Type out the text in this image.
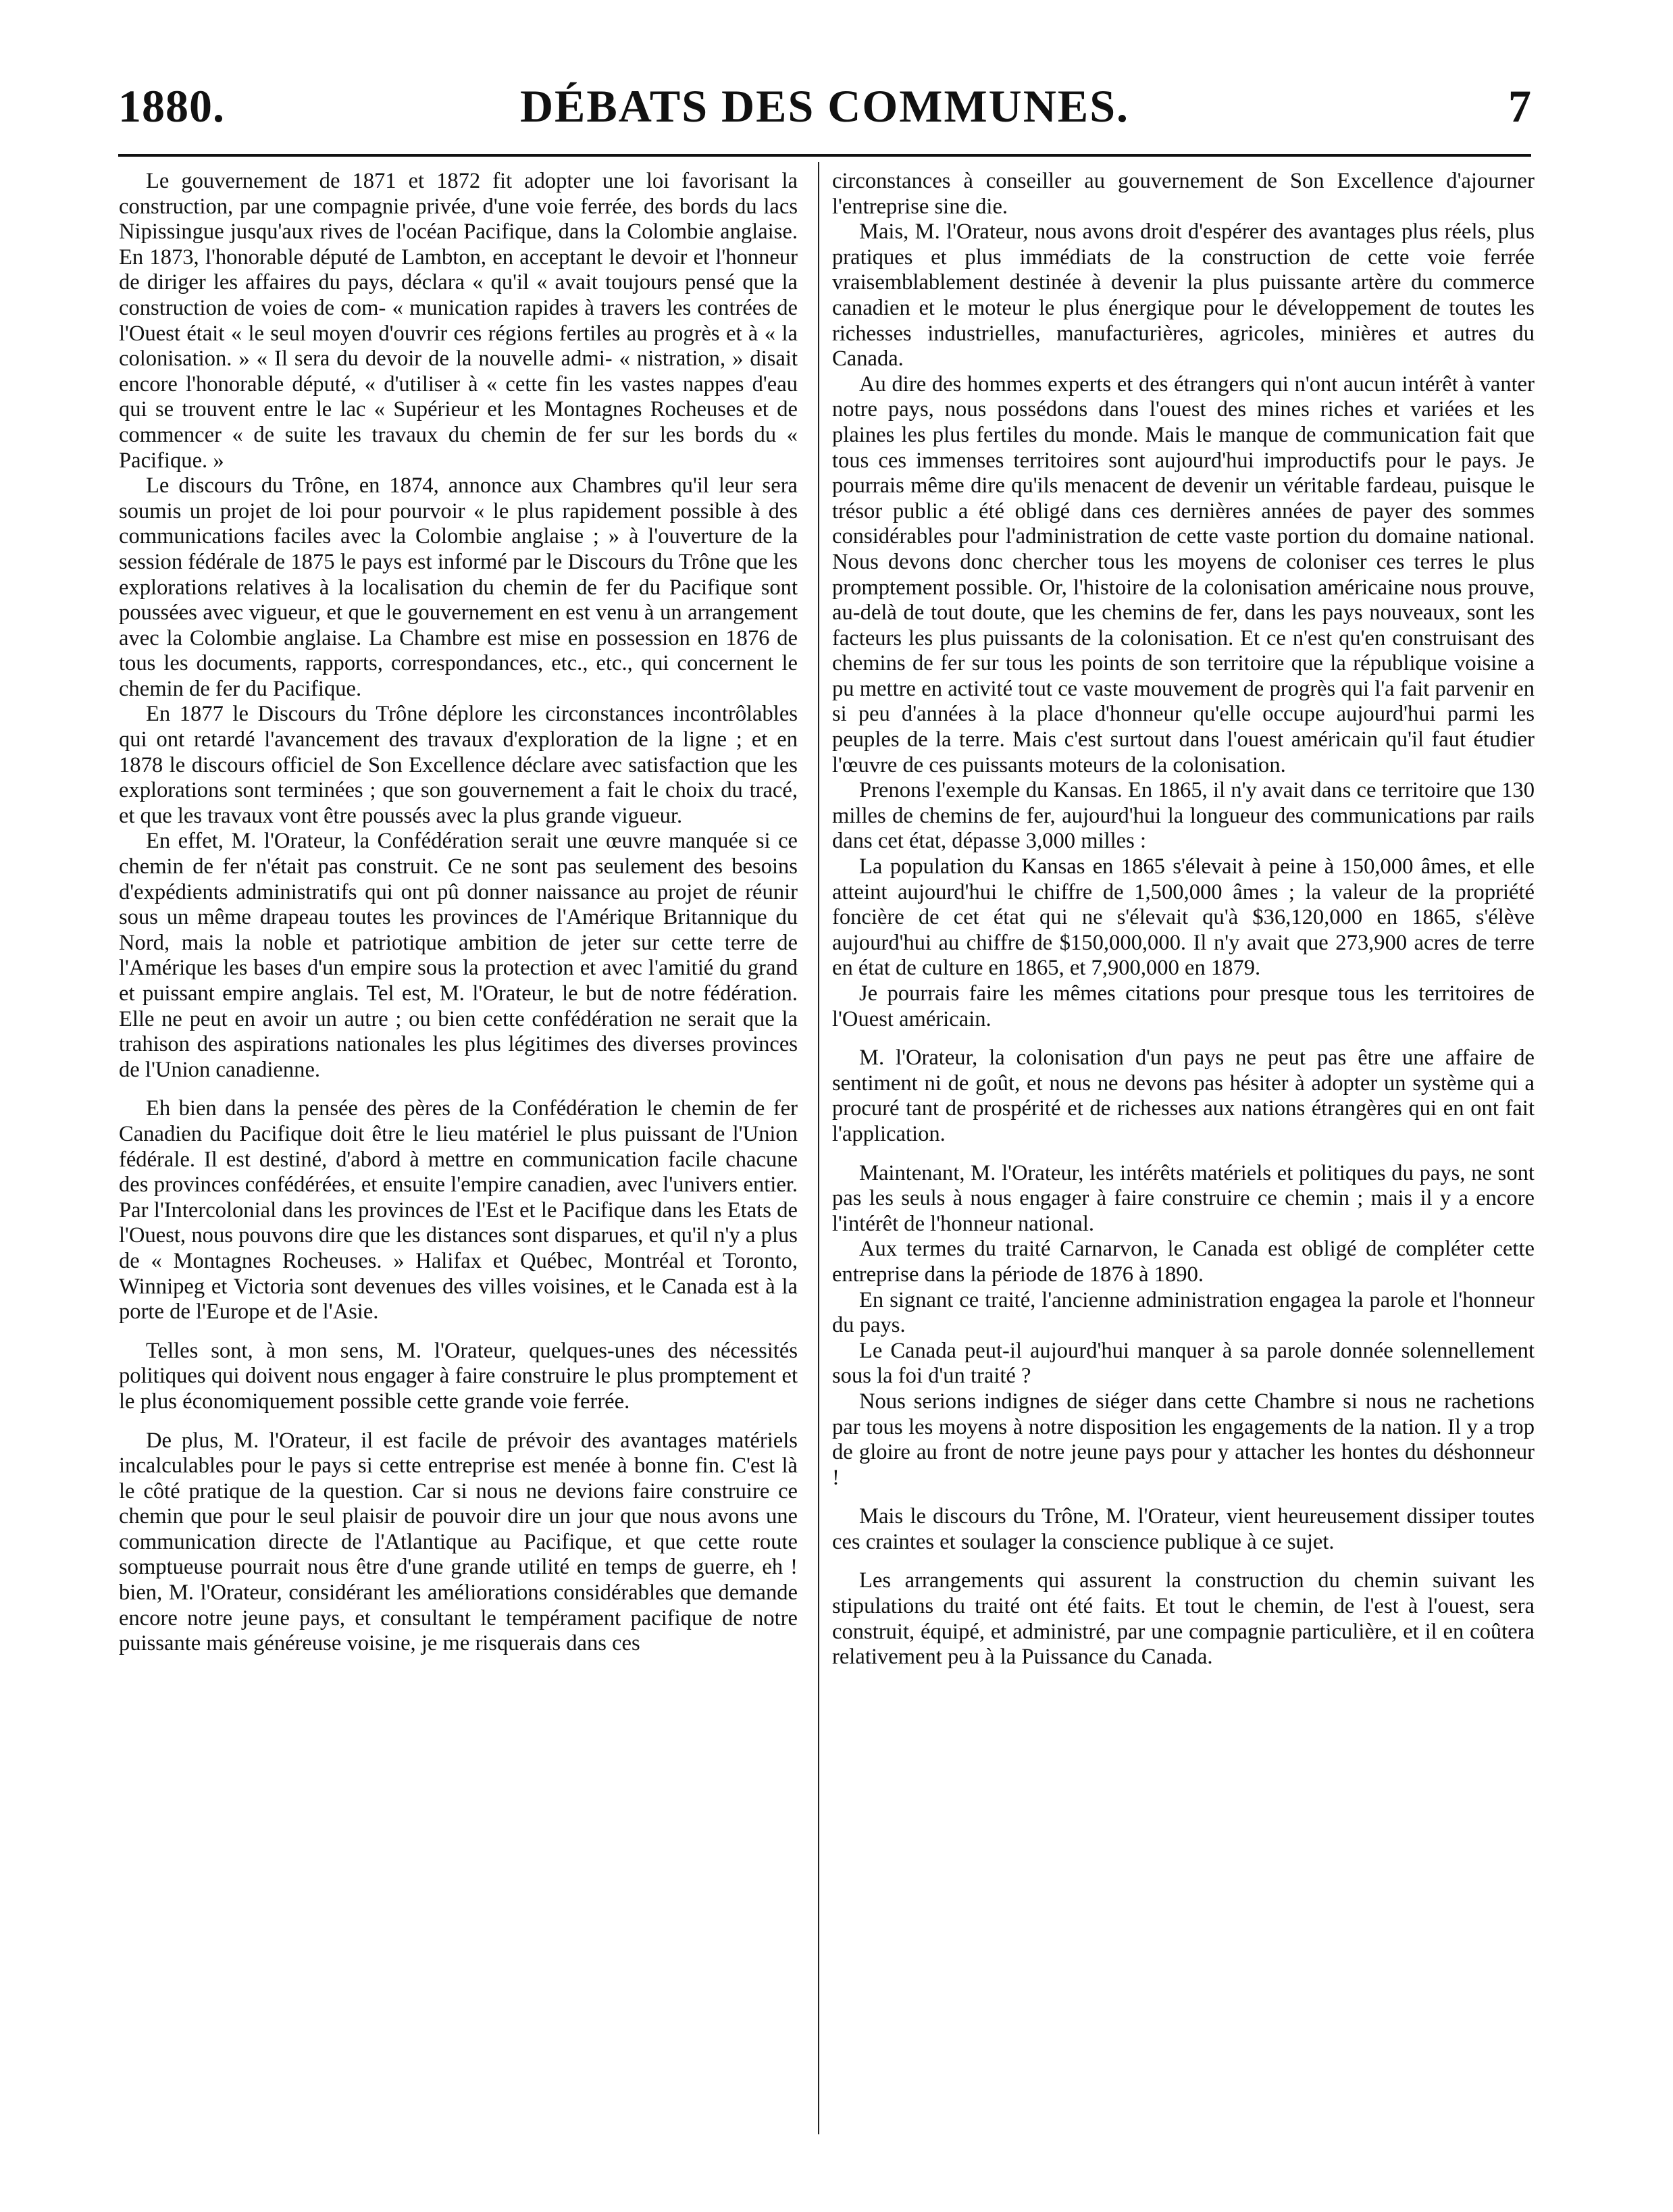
1880.	DÉBATS DES COMMUNES.	7

Le gouvernement de 1871 et 1872 fit adopter une loi favorisant la construction, par une compagnie privée, d'une voie ferrée, des bords du lacs Nipissingue jusqu'aux rives de l'océan Pacifique, dans la Colombie anglaise. En 1873, l'honorable député de Lambton, en acceptant le devoir et l'honneur de diriger les affaires du pays, déclara « qu'il « avait toujours pensé que la construction de voies de com- « munication rapides à travers les contrées de l'Ouest était « le seul moyen d'ouvrir ces régions fertiles au progrès et à « la colonisation. » « Il sera du devoir de la nouvelle admi- « nistration, » disait encore l'honorable député, « d'utiliser à « cette fin les vastes nappes d'eau qui se trouvent entre le lac « Supérieur et les Montagnes Rocheuses et de commencer « de suite les travaux du chemin de fer sur les bords du « Pacifique. »

Le discours du Trône, en 1874, annonce aux Chambres qu'il leur sera soumis un projet de loi pour pourvoir « le plus rapidement possible à des communications faciles avec la Colombie anglaise ; » à l'ouverture de la session fédérale de 1875 le pays est informé par le Discours du Trône que les explorations relatives à la localisation du chemin de fer du Pacifique sont poussées avec vigueur, et que le gouvernement en est venu à un arrangement avec la Colombie anglaise. La Chambre est mise en possession en 1876 de tous les documents, rapports, correspondances, etc., etc., qui concernent le chemin de fer du Pacifique.

En 1877 le Discours du Trône déplore les circonstances incontrôlables qui ont retardé l'avancement des travaux d'exploration de la ligne ; et en 1878 le discours officiel de Son Excellence déclare avec satisfaction que les explorations sont terminées ; que son gouvernement a fait le choix du tracé, et que les travaux vont être poussés avec la plus grande vigueur.

En effet, M. l'Orateur, la Confédération serait une œuvre manquée si ce chemin de fer n'était pas construit. Ce ne sont pas seulement des besoins d'expédients administratifs qui ont pû donner naissance au projet de réunir sous un même drapeau toutes les provinces de l'Amérique Britannique du Nord, mais la noble et patriotique ambition de jeter sur cette terre de l'Amérique les bases d'un empire sous la protection et avec l'amitié du grand et puissant empire anglais. Tel est, M. l'Orateur, le but de notre fédération. Elle ne peut en avoir un autre ; ou bien cette confédération ne serait que la trahison des aspirations nationales les plus légitimes des diverses provinces de l'Union canadienne.

Eh bien dans la pensée des pères de la Confédération le chemin de fer Canadien du Pacifique doit être le lieu matériel le plus puissant de l'Union fédérale. Il est destiné, d'abord à mettre en communication facile chacune des provinces confédérées, et ensuite l'empire canadien, avec l'univers entier. Par l'Intercolonial dans les provinces de l'Est et le Pacifique dans les Etats de l'Ouest, nous pouvons dire que les distances sont disparues, et qu'il n'y a plus de « Montagnes Rocheuses. » Halifax et Québec, Montréal et Toronto, Winnipeg et Victoria sont devenues des villes voisines, et le Canada est à la porte de l'Europe et de l'Asie.

Telles sont, à mon sens, M. l'Orateur, quelques-unes des nécessités politiques qui doivent nous engager à faire construire le plus promptement et le plus économiquement possible cette grande voie ferrée.

De plus, M. l'Orateur, il est facile de prévoir des avantages matériels incalculables pour le pays si cette entreprise est menée à bonne fin. C'est là le côté pratique de la question. Car si nous ne devions faire construire ce chemin que pour le seul plaisir de pouvoir dire un jour que nous avons une communication directe de l'Atlantique au Pacifique, et que cette route somptueuse pourrait nous être d'une grande utilité en temps de guerre, eh ! bien, M. l'Orateur, considérant les améliorations considérables que demande encore notre jeune pays, et consultant le tempérament pacifique de notre puissante mais généreuse voisine, je me risquerais dans ces

circonstances à conseiller au gouvernement de Son Excellence d'ajourner l'entreprise sine die.

Mais, M. l'Orateur, nous avons droit d'espérer des avantages plus réels, plus pratiques et plus immédiats de la construction de cette voie ferrée vraisemblablement destinée à devenir la plus puissante artère du commerce canadien et le moteur le plus énergique pour le développement de toutes les richesses industrielles, manufacturières, agricoles, minières et autres du Canada.

Au dire des hommes experts et des étrangers qui n'ont aucun intérêt à vanter notre pays, nous possédons dans l'ouest des mines riches et variées et les plaines les plus fertiles du monde. Mais le manque de communication fait que tous ces immenses territoires sont aujourd'hui improductifs pour le pays. Je pourrais même dire qu'ils menacent de devenir un véritable fardeau, puisque le trésor public a été obligé dans ces dernières années de payer des sommes considérables pour l'administration de cette vaste portion du domaine national. Nous devons donc chercher tous les moyens de coloniser ces terres le plus promptement possible. Or, l'histoire de la colonisation américaine nous prouve, au-delà de tout doute, que les chemins de fer, dans les pays nouveaux, sont les facteurs les plus puissants de la colonisation. Et ce n'est qu'en construisant des chemins de fer sur tous les points de son territoire que la république voisine a pu mettre en activité tout ce vaste mouvement de progrès qui l'a fait parvenir en si peu d'années à la place d'honneur qu'elle occupe aujourd'hui parmi les peuples de la terre. Mais c'est surtout dans l'ouest américain qu'il faut étudier l'œuvre de ces puissants moteurs de la colonisation.

Prenons l'exemple du Kansas. En 1865, il n'y avait dans ce territoire que 130 milles de chemins de fer, aujourd'hui la longueur des communications par rails dans cet état, dépasse 3,000 milles :

La population du Kansas en 1865 s'élevait à peine à 150,000 âmes, et elle atteint aujourd'hui le chiffre de 1,500,000 âmes ; la valeur de la propriété foncière de cet état qui ne s'élevait qu'à $36,120,000 en 1865, s'élève aujourd'hui au chiffre de $150,000,000. Il n'y avait que 273,900 acres de terre en état de culture en 1865, et 7,900,000 en 1879.

Je pourrais faire les mêmes citations pour presque tous les territoires de l'Ouest américain.

M. l'Orateur, la colonisation d'un pays ne peut pas être une affaire de sentiment ni de goût, et nous ne devons pas hésiter à adopter un système qui a procuré tant de prospérité et de richesses aux nations étrangères qui en ont fait l'application.

Maintenant, M. l'Orateur, les intérêts matériels et politiques du pays, ne sont pas les seuls à nous engager à faire construire ce chemin ; mais il y a encore l'intérêt de l'honneur national.

Aux termes du traité Carnarvon, le Canada est obligé de compléter cette entreprise dans la période de 1876 à 1890.

En signant ce traité, l'ancienne administration engagea la parole et l'honneur du pays.

Le Canada peut-il aujourd'hui manquer à sa parole donnée solennellement sous la foi d'un traité ?

Nous serions indignes de siéger dans cette Chambre si nous ne rachetions par tous les moyens à notre disposition les engagements de la nation. Il y a trop de gloire au front de notre jeune pays pour y attacher les hontes du déshonneur !

Mais le discours du Trône, M. l'Orateur, vient heureusement dissiper toutes ces craintes et soulager la conscience publique à ce sujet.

Les arrangements qui assurent la construction du chemin suivant les stipulations du traité ont été faits. Et tout le chemin, de l'est à l'ouest, sera construit, équipé, et administré, par une compagnie particulière, et il en coûtera relativement peu à la Puissance du Canada.
